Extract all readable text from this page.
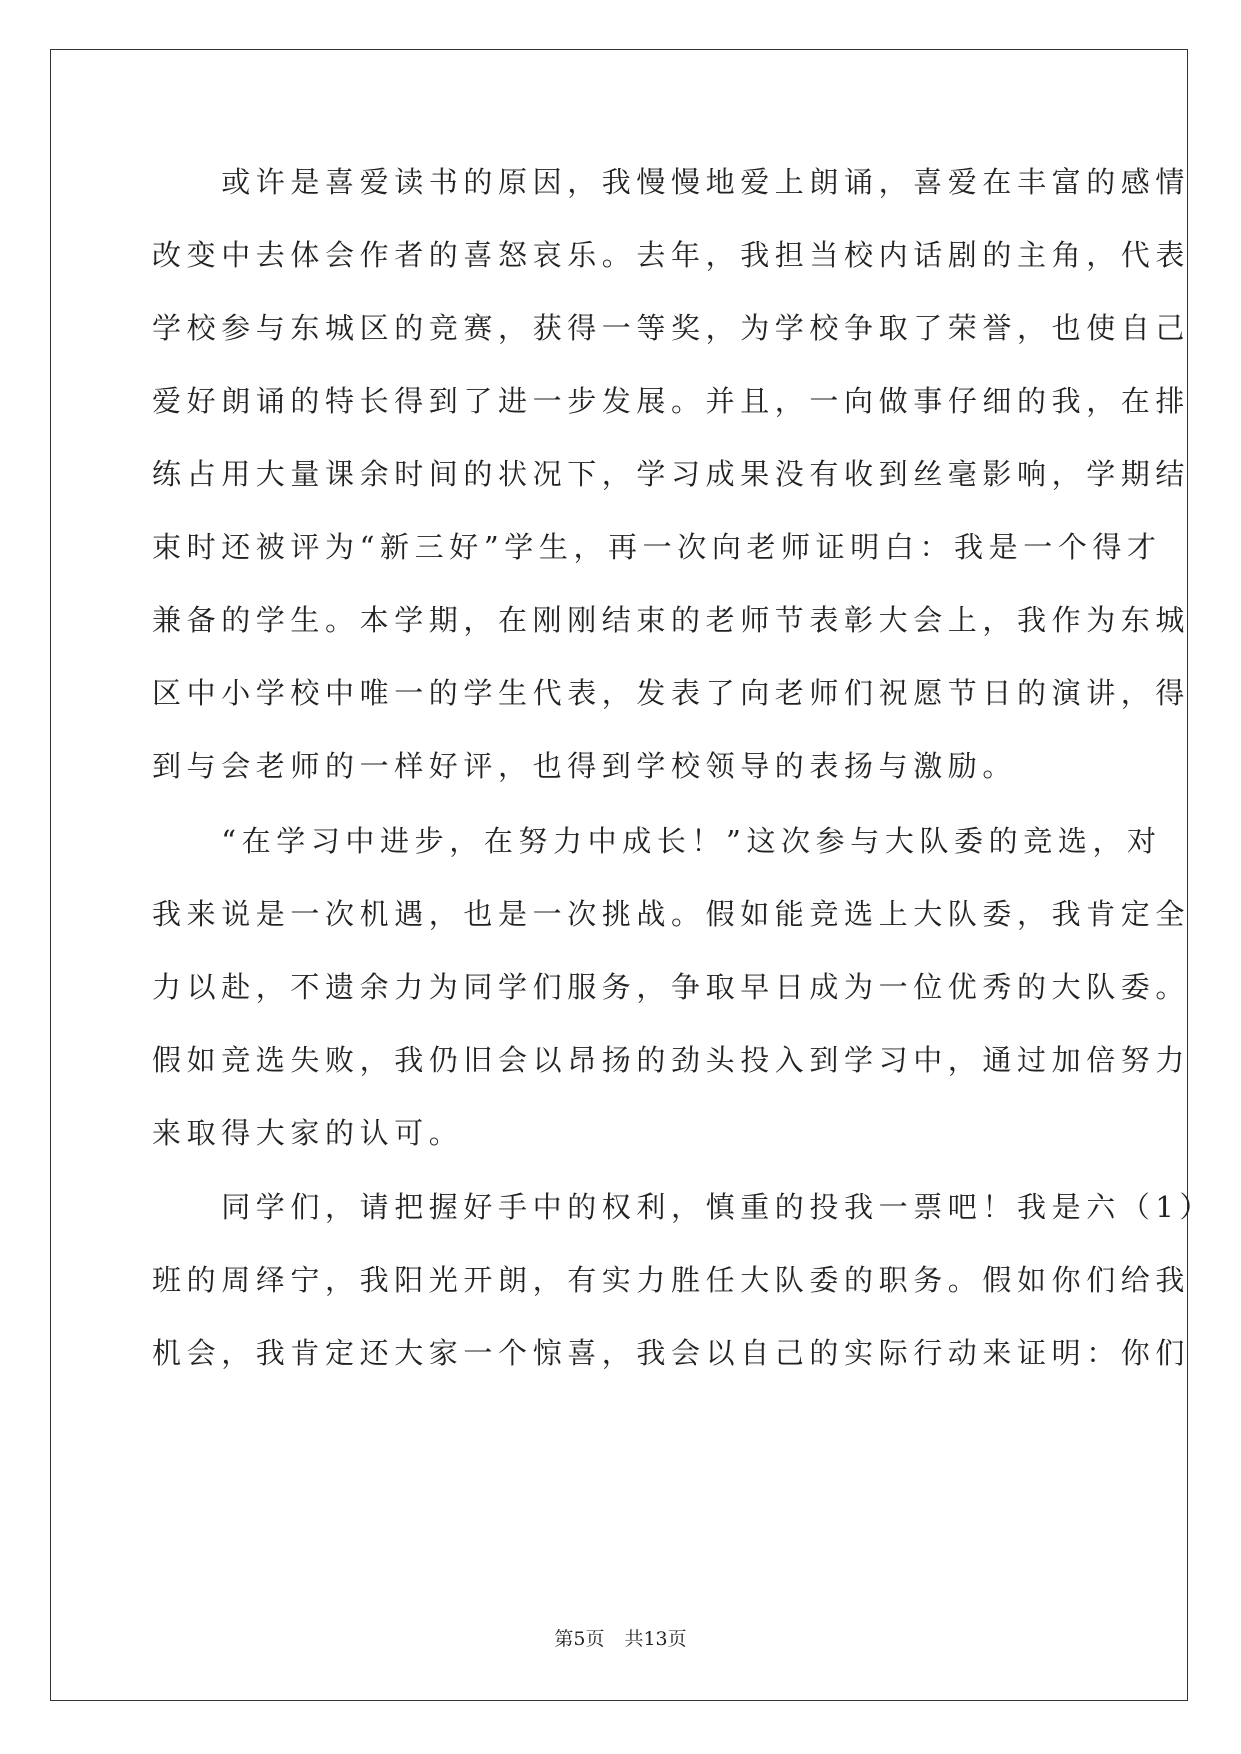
　　或许是喜爱读书的原因，我慢慢地爱上朗诵，喜爱在丰富的感情
改变中去体会作者的喜怒哀乐。去年，我担当校内话剧的主角，代表
学校参与东城区的竞赛，获得一等奖，为学校争取了荣誉，也使自己
爱好朗诵的特长得到了进一步发展。并且，一向做事仔细的我，在排
练占用大量课余时间的状况下，学习成果没有收到丝毫影响，学期结
束时还被评为“新三好”学生，再一次向老师证明白：我是一个得才
兼备的学生。本学期，在刚刚结束的老师节表彰大会上，我作为东城
区中小学校中唯一的学生代表，发表了向老师们祝愿节日的演讲，得
到与会老师的一样好评，也得到学校领导的表扬与激励。
　　“在学习中进步，在努力中成长！”这次参与大队委的竞选，对
我来说是一次机遇，也是一次挑战。假如能竞选上大队委，我肯定全
力以赴，不遗余力为同学们服务，争取早日成为一位优秀的大队委。
假如竞选失败，我仍旧会以昂扬的劲头投入到学习中，通过加倍努力
来取得大家的认可。
　　同学们，请把握好手中的权利，慎重的投我一票吧！我是六（1）
班的周绎宁，我阳光开朗，有实力胜任大队委的职务。假如你们给我
机会，我肯定还大家一个惊喜，我会以自己的实际行动来证明：你们
第5页 共13页
